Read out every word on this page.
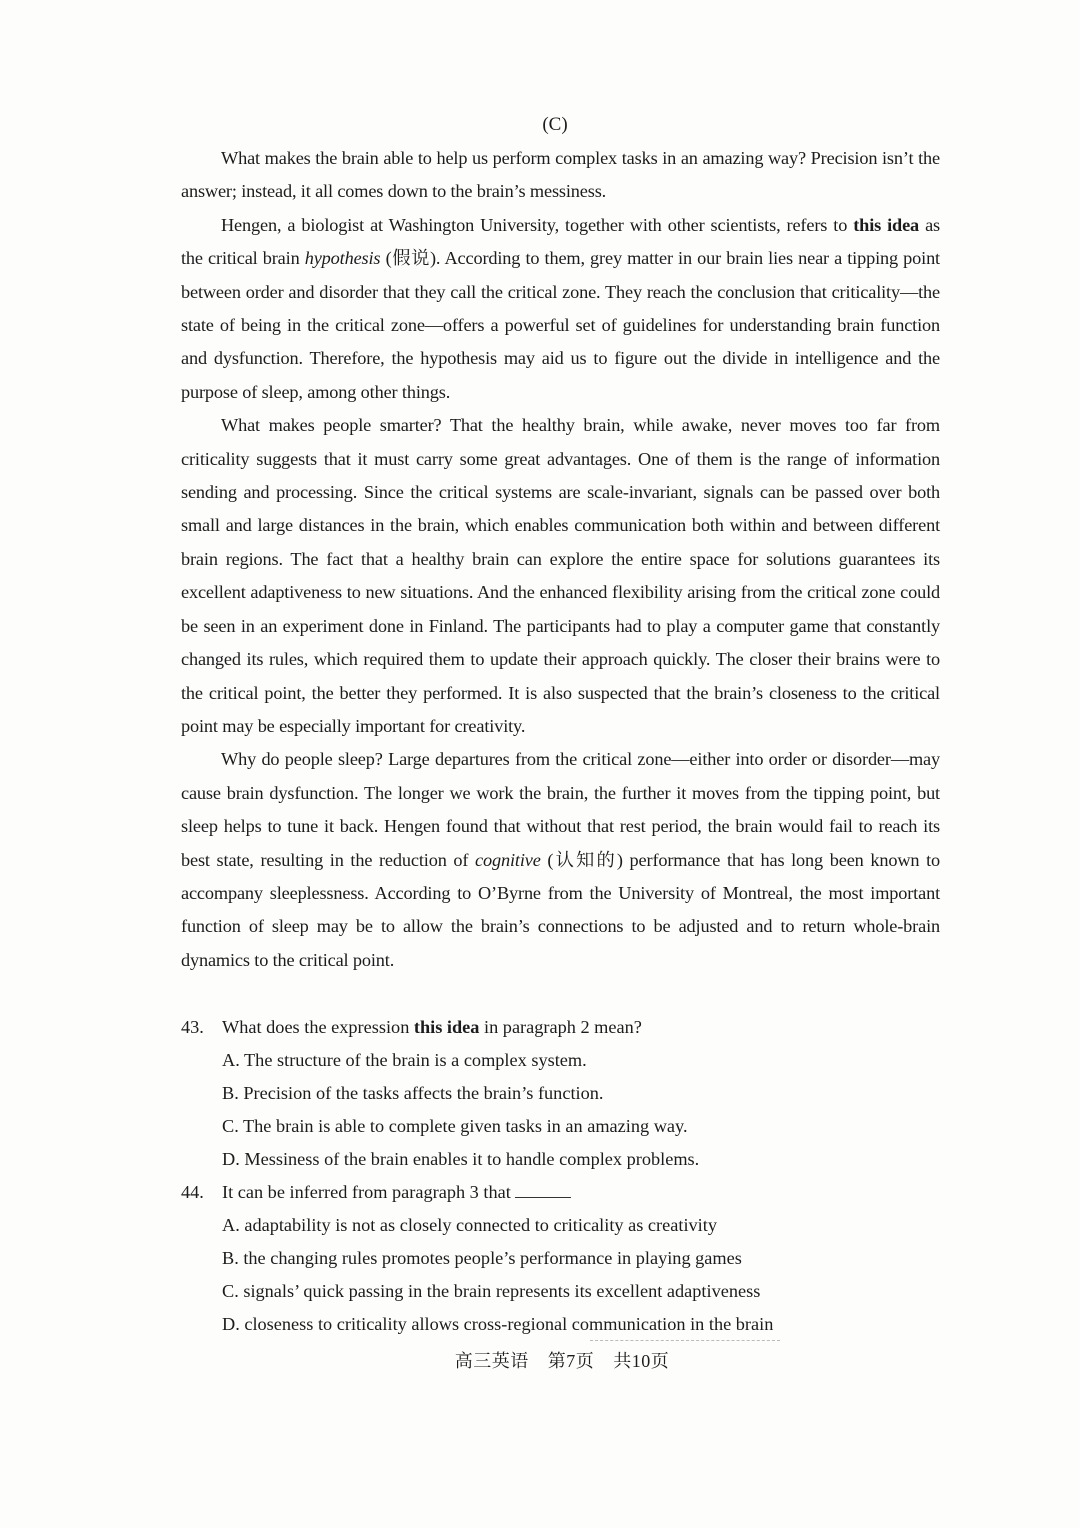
(C)

What makes the brain able to help us perform complex tasks in an amazing way? Precision isn’t the answer; instead, it all comes down to the brain’s messiness.

Hengen, a biologist at Washington University, together with other scientists, refers to this idea as the critical brain hypothesis (假说). According to them, grey matter in our brain lies near a tipping point between order and disorder that they call the critical zone. They reach the conclusion that criticality—the state of being in the critical zone—offers a powerful set of guidelines for understanding brain function and dysfunction. Therefore, the hypothesis may aid us to figure out the divide in intelligence and the purpose of sleep, among other things.

What makes people smarter? That the healthy brain, while awake, never moves too far from criticality suggests that it must carry some great advantages. One of them is the range of information sending and processing. Since the critical systems are scale-invariant, signals can be passed over both small and large distances in the brain, which enables communication both within and between different brain regions. The fact that a healthy brain can explore the entire space for solutions guarantees its excellent adaptiveness to new situations. And the enhanced flexibility arising from the critical zone could be seen in an experiment done in Finland. The participants had to play a computer game that constantly changed its rules, which required them to update their approach quickly. The closer their brains were to the critical point, the better they performed. It is also suspected that the brain’s closeness to the critical point may be especially important for creativity.

Why do people sleep? Large departures from the critical zone—either into order or disorder—may cause brain dysfunction. The longer we work the brain, the further it moves from the tipping point, but sleep helps to tune it back. Hengen found that without that rest period, the brain would fail to reach its best state, resulting in the reduction of cognitive (认知的) performance that has long been known to accompany sleeplessness. According to O’Byrne from the University of Montreal, the most important function of sleep may be to allow the brain’s connections to be adjusted and to return whole-brain dynamics to the critical point.

43. What does the expression this idea in paragraph 2 mean?
A. The structure of the brain is a complex system.
B. Precision of the tasks affects the brain’s function.
C. The brain is able to complete given tasks in an amazing way.
D. Messiness of the brain enables it to handle complex problems.
44. It can be inferred from paragraph 3 that
A. adaptability is not as closely connected to criticality as creativity
B. the changing rules promotes people’s performance in playing games
C. signals’ quick passing in the brain represents its excellent adaptiveness
D. closeness to criticality allows cross-regional communication in the brain
高三英语 第7页 共10页
